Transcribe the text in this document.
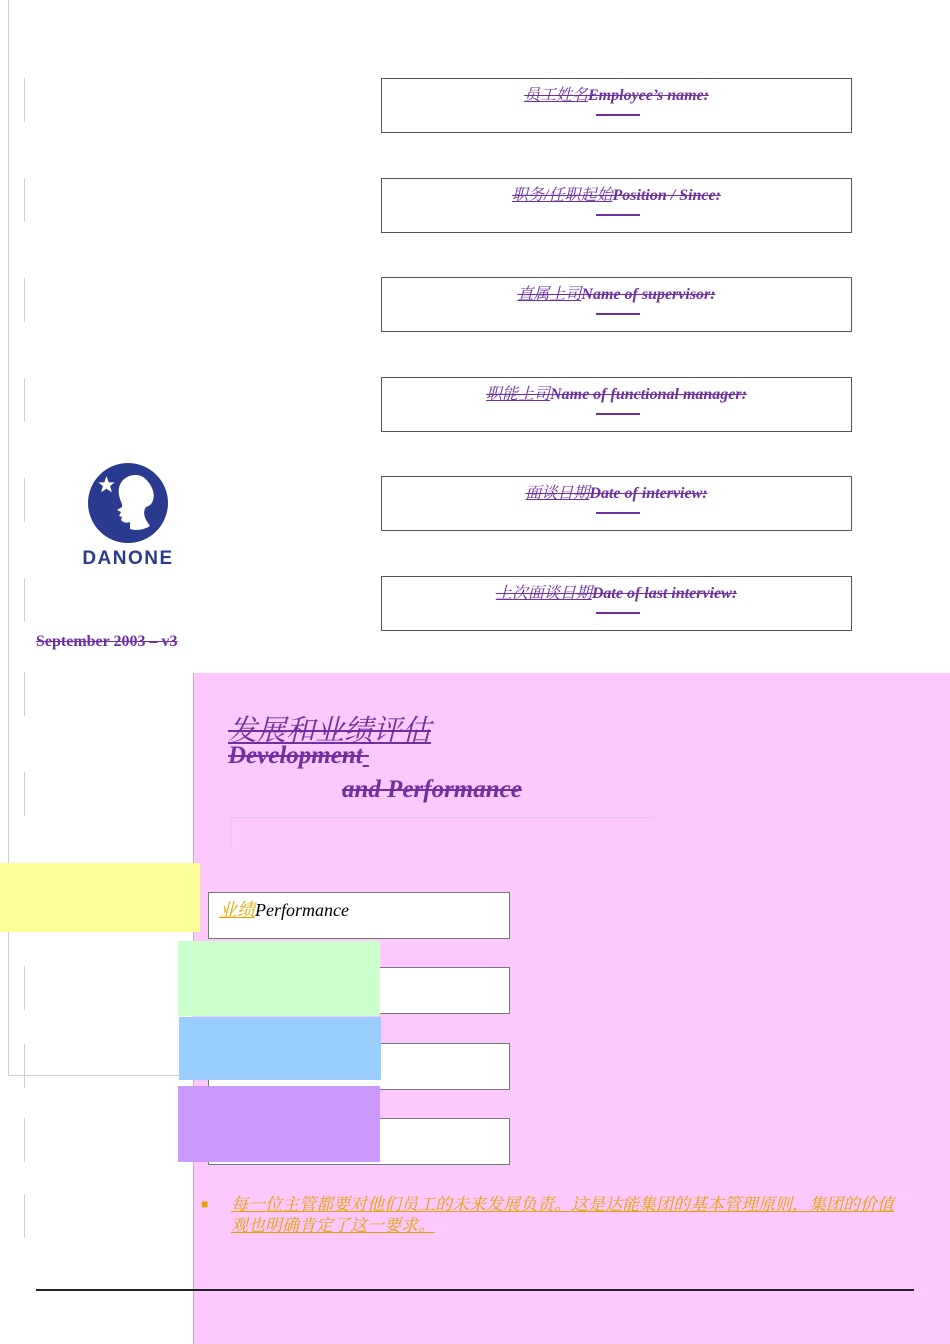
员工姓名Employee’s name:
职务/任职起始Position / Since:
直属上司Name of supervisor:
职能上司Name of functional manager:
面谈日期Date of interview:
上次面谈日期Date of last interview:
DANONE
September 2003 – v3
发展和业绩评估
Development
and Performance
业绩Performance
■ 每一位主管都要对他们员工的未来发展负责。这是达能集团的基本管理原则，集团的价值观也明确肯定了这一要求。
